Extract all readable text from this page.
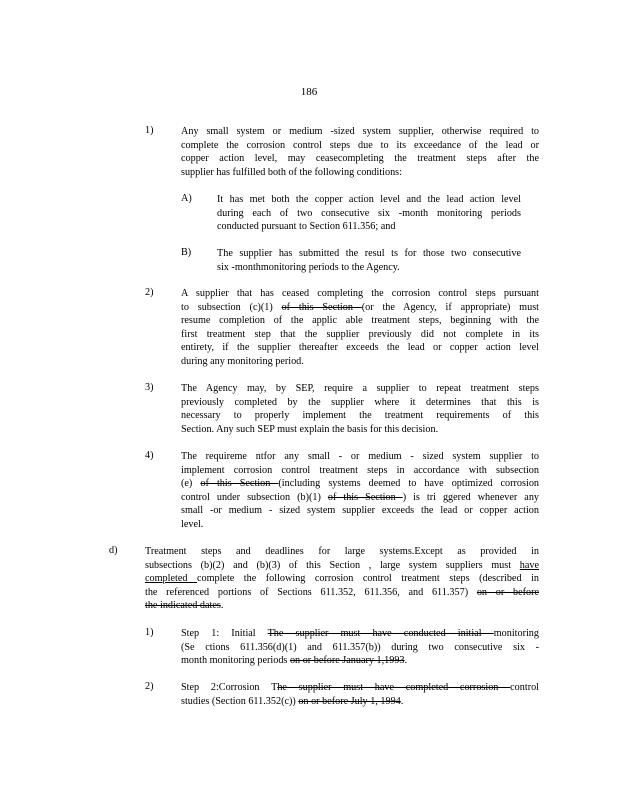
186
1)	Any small system or medium -sized system supplier, otherwise required to
complete the corrosion control steps due to its exceedance of the lead or
copper action level, may ceasecompleting the treatment steps after the
supplier has fulfilled both of the following conditions:
A) It has met both the copper action level and the lead action level
during each of two consecutive six -month monitoring periods
conducted pursuant to Section 611.356; and
B)	The supplier has submitted the resul ts for those two consecutive
six -monthmonitoring periods to the Agency.
2)	A supplier that has ceased completing the corrosion control steps pursuant
to subsection (c)(1) of this Section (or the Agency, if appropriate) must
resume completion of the applic able treatment steps, beginning with the
first treatment step that the supplier previously did not complete in its
entirety, if the supplier thereafter exceeds the lead or copper action level
during any monitoring period.
3)	The Agency may, by SEP, require a supplier to repeat treatment steps
previously completed by the supplier where it determines that this is
necessary to properly implement the treatment requirements of this
Section. Any such SEP must explain the basis for this decision.
4)	The requireme ntfor any small - or medium - sized system supplier to
implement corrosion control treatment steps in accordance with subsection
(e) of this Section (including systems deemed to have optimized corrosion
control under subsection (b)(1) of this Section ) is tri ggered whenever any
small -or medium - sized system supplier exceeds the lead or copper action
level.
d)	Treatment steps and deadlines for large systems.Except as provided in
subsections (b)(2) and (b)(3) of this Section , large system suppliers must have
completed complete the following corrosion control treatment steps (described in
the referenced portions of Sections 611.352, 611.356, and 611.357) on or before
the indicated dates.
1)	Step 1: Initial The supplier must have conducted initial monitoring
(Se ctions 611.356(d)(1) and 611.357(b)) during two consecutive six -
month monitoring periods on or before January 1,1993.
2)	Step 2:Corrosion The supplier must have completed corrosion control
studies (Section 611.352(c)) on or before July 1, 1994.
